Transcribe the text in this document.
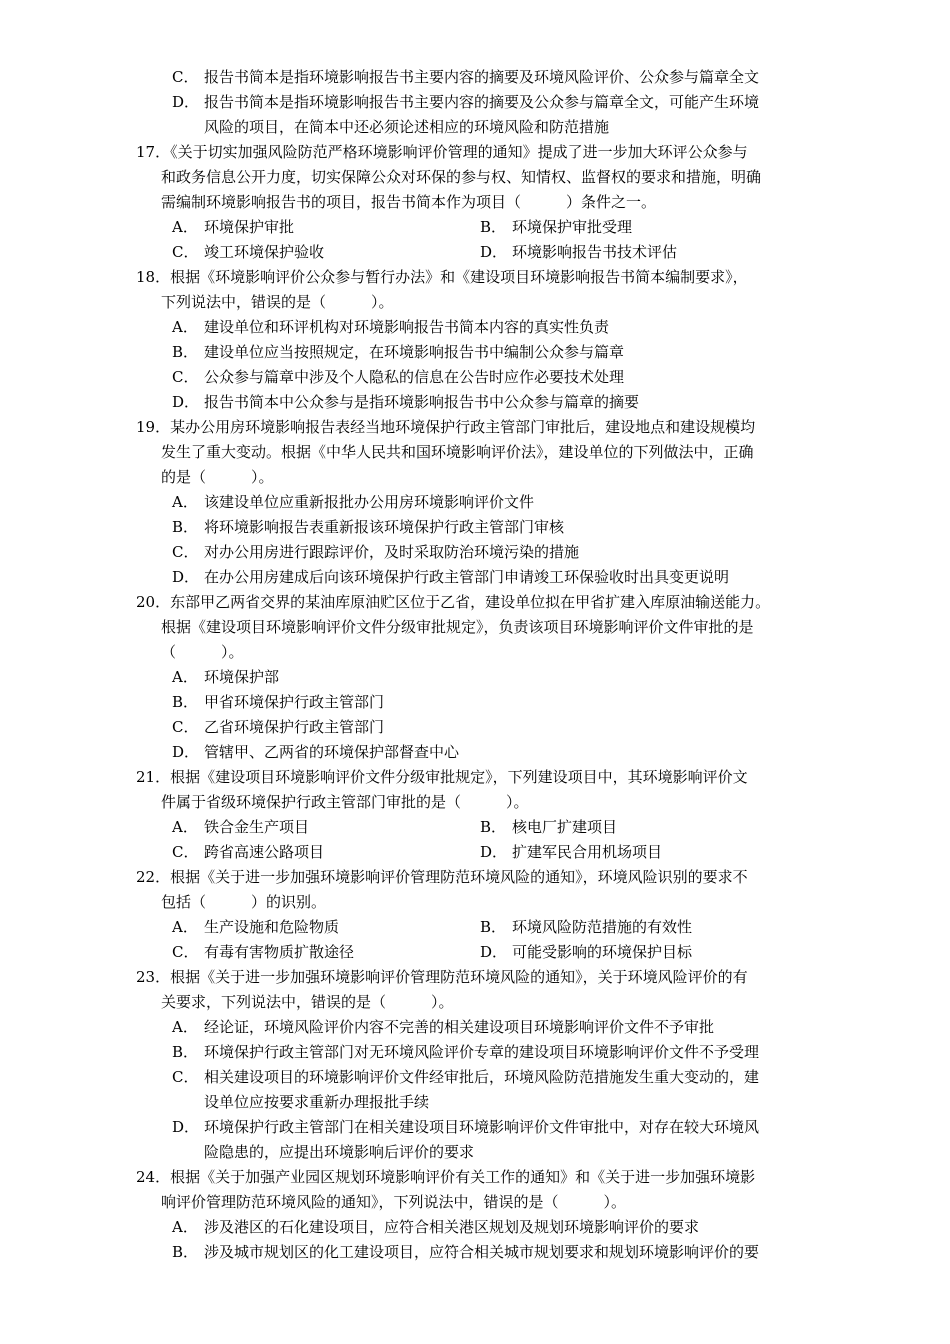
C． 报告书简本是指环境影响报告书主要内容的摘要及环境风险评价、公众参与篇章全文
D． 报告书简本是指环境影响报告书主要内容的摘要及公众参与篇章全文，可能产生环境
风险的项目，在简本中还必须论述相应的环境风险和防范措施
17．《关于切实加强风险防范严格环境影响评价管理的通知》提成了进一步加大环评公众参与
和政务信息公开力度，切实保障公众对环保的参与权、知情权、监督权的要求和措施，明确
需编制环境影响报告书的项目，报告书简本作为项目（　　　）条件之一。
A． 环境保护审批	B． 环境保护审批受理
C． 竣工环境保护验收	D． 环境影响报告书技术评估
18．根据《环境影响评价公众参与暂行办法》和《建设项目环境影响报告书简本编制要求》，
下列说法中，错误的是（　　　）。
A． 建设单位和环评机构对环境影响报告书简本内容的真实性负责
B． 建设单位应当按照规定，在环境影响报告书中编制公众参与篇章
C． 公众参与篇章中涉及个人隐私的信息在公告时应作必要技术处理
D． 报告书简本中公众参与是指环境影响报告书中公众参与篇章的摘要
19．某办公用房环境影响报告表经当地环境保护行政主管部门审批后，建设地点和建设规模均
发生了重大变动。根据《中华人民共和国环境影响评价法》，建设单位的下列做法中，正确
的是（　　　）。
A． 该建设单位应重新报批办公用房环境影响评价文件
B． 将环境影响报告表重新报该环境保护行政主管部门审核
C． 对办公用房进行跟踪评价，及时采取防治环境污染的措施
D． 在办公用房建成后向该环境保护行政主管部门申请竣工环保验收时出具变更说明
20．东部甲乙两省交界的某油库原油贮区位于乙省，建设单位拟在甲省扩建入库原油输送能力。
根据《建设项目环境影响评价文件分级审批规定》，负责该项目环境影响评价文件审批的是
（　　　）。
A． 环境保护部
B． 甲省环境保护行政主管部门
C． 乙省环境保护行政主管部门
D． 管辖甲、乙两省的环境保护部督查中心
21．根据《建设项目环境影响评价文件分级审批规定》，下列建设项目中，其环境影响评价文
件属于省级环境保护行政主管部门审批的是（　　　）。
A． 铁合金生产项目	B． 核电厂扩建项目
C． 跨省高速公路项目	D． 扩建军民合用机场项目
22．根据《关于进一步加强环境影响评价管理防范环境风险的通知》，环境风险识别的要求不
包括（　　　）的识别。
A． 生产设施和危险物质	B． 环境风险防范措施的有效性
C． 有毒有害物质扩散途径	D． 可能受影响的环境保护目标
23．根据《关于进一步加强环境影响评价管理防范环境风险的通知》，关于环境风险评价的有
关要求，下列说法中，错误的是（　　　）。
A． 经论证，环境风险评价内容不完善的相关建设项目环境影响评价文件不予审批
B． 环境保护行政主管部门对无环境风险评价专章的建设项目环境影响评价文件不予受理
C． 相关建设项目的环境影响评价文件经审批后，环境风险防范措施发生重大变动的，建
设单位应按要求重新办理报批手续
D． 环境保护行政主管部门在相关建设项目环境影响评价文件审批中，对存在较大环境风
险隐患的，应提出环境影响后评价的要求
24．根据《关于加强产业园区规划环境影响评价有关工作的通知》和《关于进一步加强环境影
响评价管理防范环境风险的通知》，下列说法中，错误的是（　　　）。
A． 涉及港区的石化建设项目，应符合相关港区规划及规划环境影响评价的要求
B． 涉及城市规划区的化工建设项目，应符合相关城市规划要求和规划环境影响评价的要
